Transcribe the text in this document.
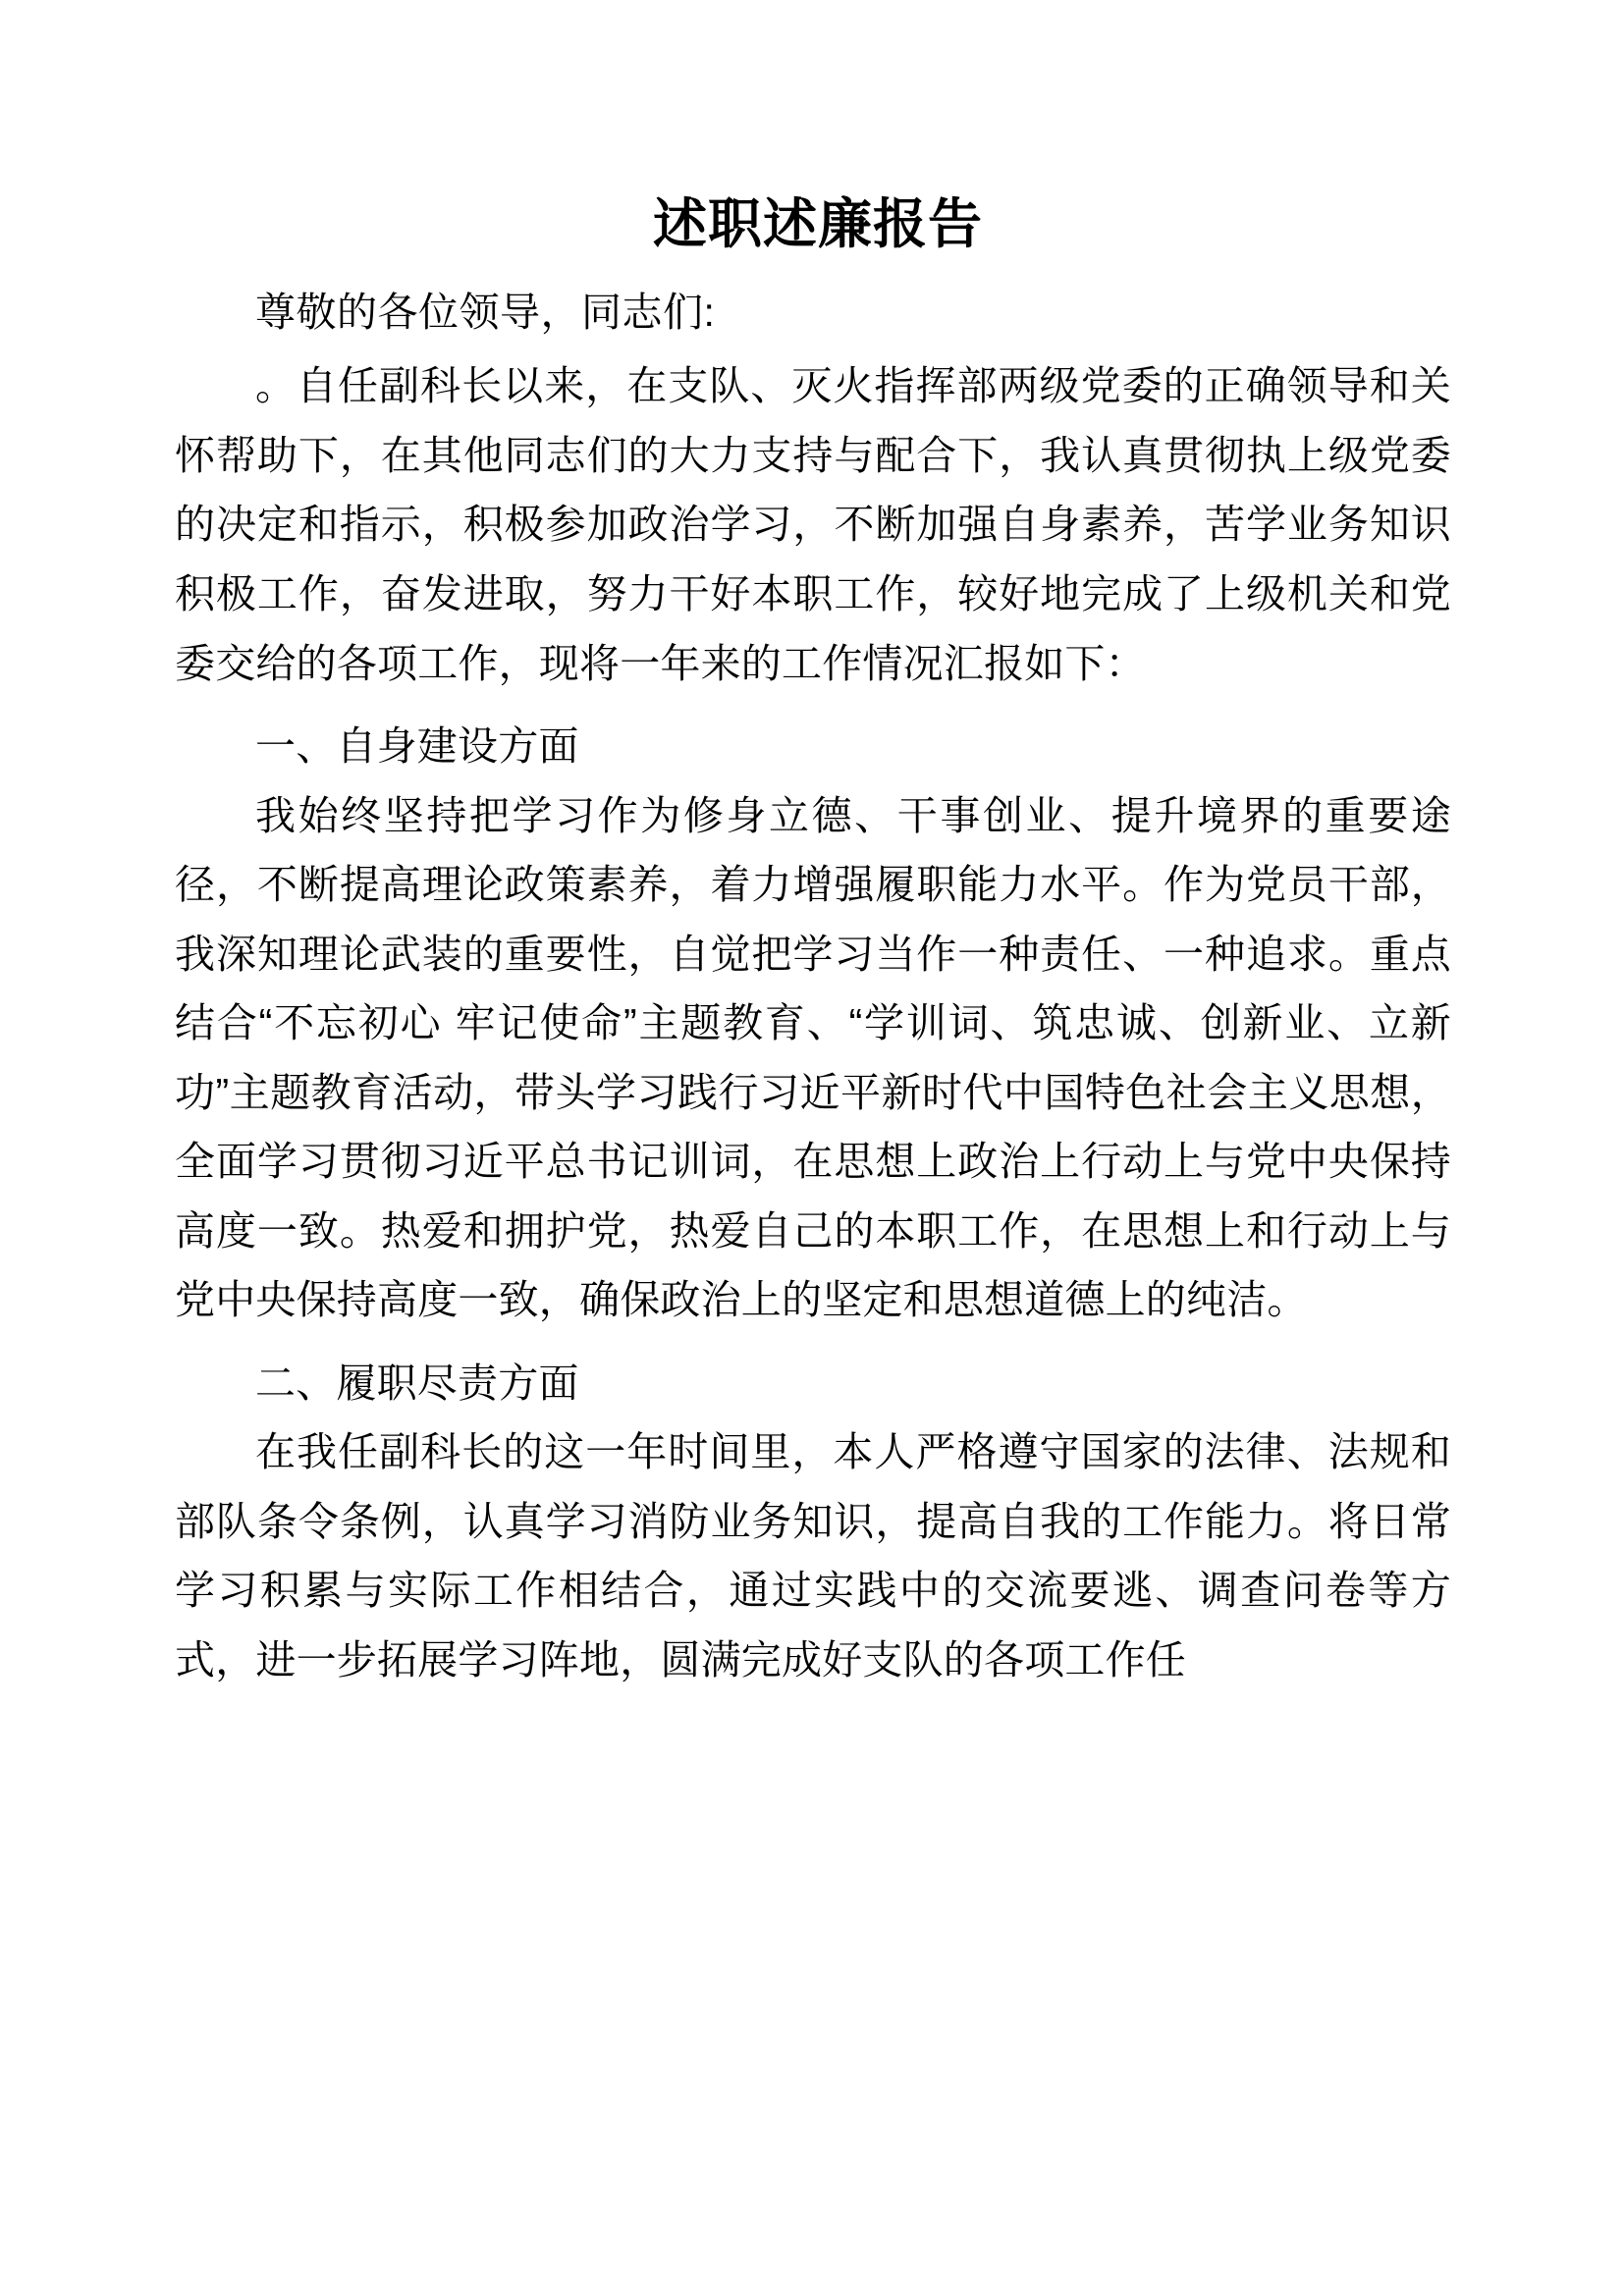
述职述廉报告

尊敬的各位领导，同志们:

。自任副科长以来，在支队、灭火指挥部两级党委的正确领导和关怀帮助下，在其他同志们的大力支持与配合下，我认真贯彻执上级党委的决定和指示，积极参加政治学习，不断加强自身素养，苦学业务知识积极工作，奋发进取，努力干好本职工作，较好地完成了上级机关和党委交给的各项工作，现将一年来的工作情况汇报如下：

一、自身建设方面

我始终坚持把学习作为修身立德、干事创业、提升境界的重要途径，不断提高理论政策素养，着力增强履职能力水平。作为党员干部，我深知理论武装的重要性，自觉把学习当作一种责任、一种追求。重点结合“不忘初心 牢记使命”主题教育、“学训词、筑忠诚、创新业、立新功”主题教育活动，带头学习践行习近平新时代中国特色社会主义思想，全面学习贯彻习近平总书记训词，在思想上政治上行动上与党中央保持高度一致。热爱和拥护党，热爱自己的本职工作，在思想上和行动上与党中央保持高度一致，确保政治上的坚定和思想道德上的纯洁。

二、履职尽责方面

在我任副科长的这一年时间里，本人严格遵守国家的法律、法规和部队条令条例，认真学习消防业务知识，提高自我的工作能力。将日常学习积累与实际工作相结合，通过实践中的交流要逃、调查问卷等方式，进一步拓展学习阵地，圆满完成好支队的各项工作任
